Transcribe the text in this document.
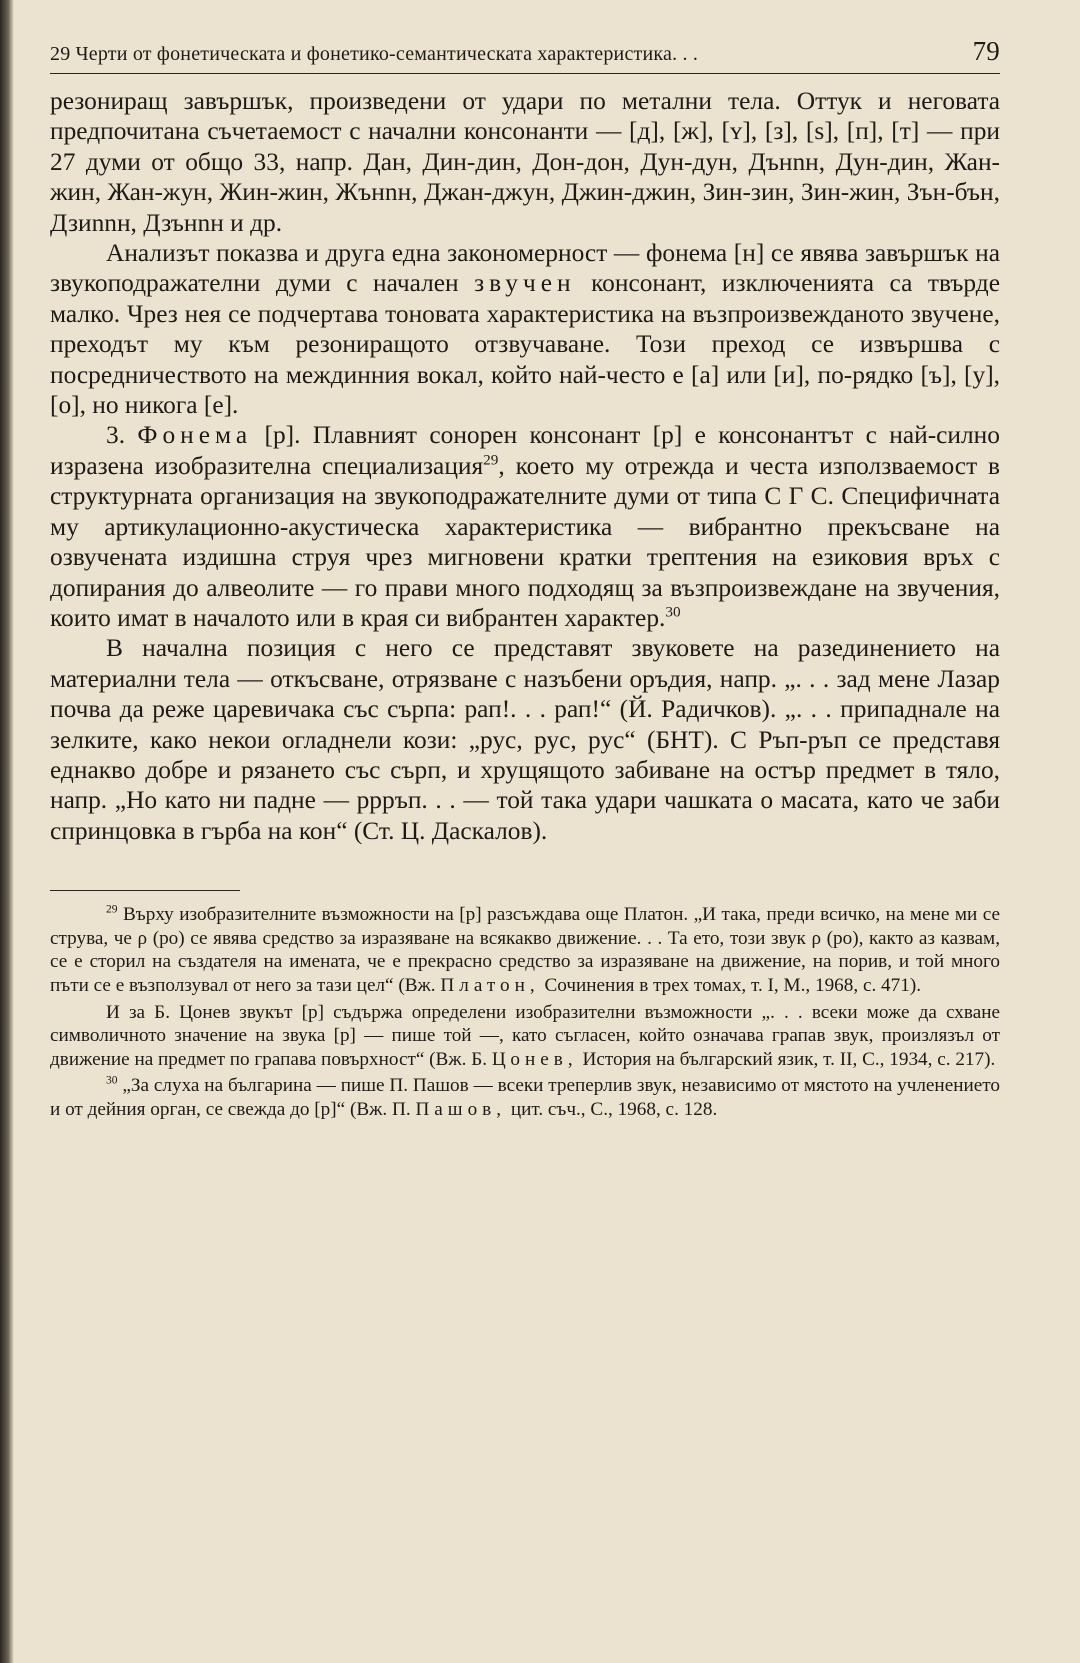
29 Черти от фонетическата и фонетико-семантическата характеристика. . .	79

резониращ завършък, произведени от удари по метални тела. Оттук и неговата предпочитана съчетаемост с начални консонанти — [д], [ж], [ʏ], [з], [s], [п], [т] — при 27 думи от общо 33, напр. Дан, Дин-дин, Дон-дон, Дун-дун, Дънnн, Дун-дин, Жан-жин, Жан-жун, Жин-жин, Жънnн, Джан-джун, Джин-джин, Зин-зин, Зин-жин, Зън-бън, Дзиnnн, Дзънnн и др.

Анализът показва и друга една закономерност — фонема [н] се явява завършък на звукоподражателни думи с начален звучен консонант, изключенията са твърде малко. Чрез нея се подчертава тоновата характеристика на възпроизвежданото звучене, преходът му към резониращото отзвучаване. Този преход се извършва с посредничеството на междинния вокал, който най-често е [а] или [и], по-рядко [ъ], [у], [о], но никога [е].

3. Фонема [р]. Плавният сонорен консонант [р] е консонантът с най-силно изразена изобразителна специализация$^{29}$, което му отрежда и честа използваемост в структурната организация на звукоподражателните думи от типа С Г С. Специфичната му артикулационно-акустическа характеристика — вибрантно прекъсване на озвучената издишна струя чрез мигновени кратки трептения на езиковия връх с допирания до алвеолите — го прави много подходящ за възпроизвеждане на звучения, които имат в началото или в края си вибрантен характер.$^{30}$

В начална позиция с него се представят звуковете на разединението на материални тела — откъсване, отрязване с назъбени оръдия, напр. „. . . зад мене Лазар почва да реже царевичака със сърпа: рап!. . . рап!“ (Й. Радичков). „. . . припаднале на зелките, како некои огладнели кози: „рус, рус, рус“ (БНТ). С Ръп-ръп се представя еднакво добре и рязането със сърп, и хрущящото забиване на остър предмет в тяло, напр. „Но като ни падне — ррръп. . . — той така удари чашката о масата, като че заби спринцовка в гърба на кон“ (Ст. Ц. Даскалов).

$^{29}$ Върху изобразителните възможности на [р] разсъждава още Платон. „И така, преди всичко, на мене ми се струва, че ρ (ро) се явява средство за изразяване на всякакво движение. . . Та ето, този звук ρ (ро), както аз казвам, се е сторил на създателя на имената, че е прекрасно средство за изразяване на движение, на порив, и той много пъти се е възползувал от него за тази цел“ (Вж. Платон, Сочинения в трех томах, т. I, М., 1968, с. 471).

И за Б. Цонев звукът [р] съдържа определени изобразителни възможности „. . . всеки може да схване символичното значение на звука [р] — пише той —, като съгласен, който означава грапав звук, произлязъл от движение на предмет по грапава повърхност“ (Вж. Б. Цонев, История на българский язик, т. II, С., 1934, с. 217).

$^{30}$ „За слуха на българина — пише П. Пашов — всеки треперлив звук, независимо от мястото на учленението и от дейния орган, се свежда до [р]“ (Вж. П. Пашов, цит. съч., С., 1968, с. 128.
